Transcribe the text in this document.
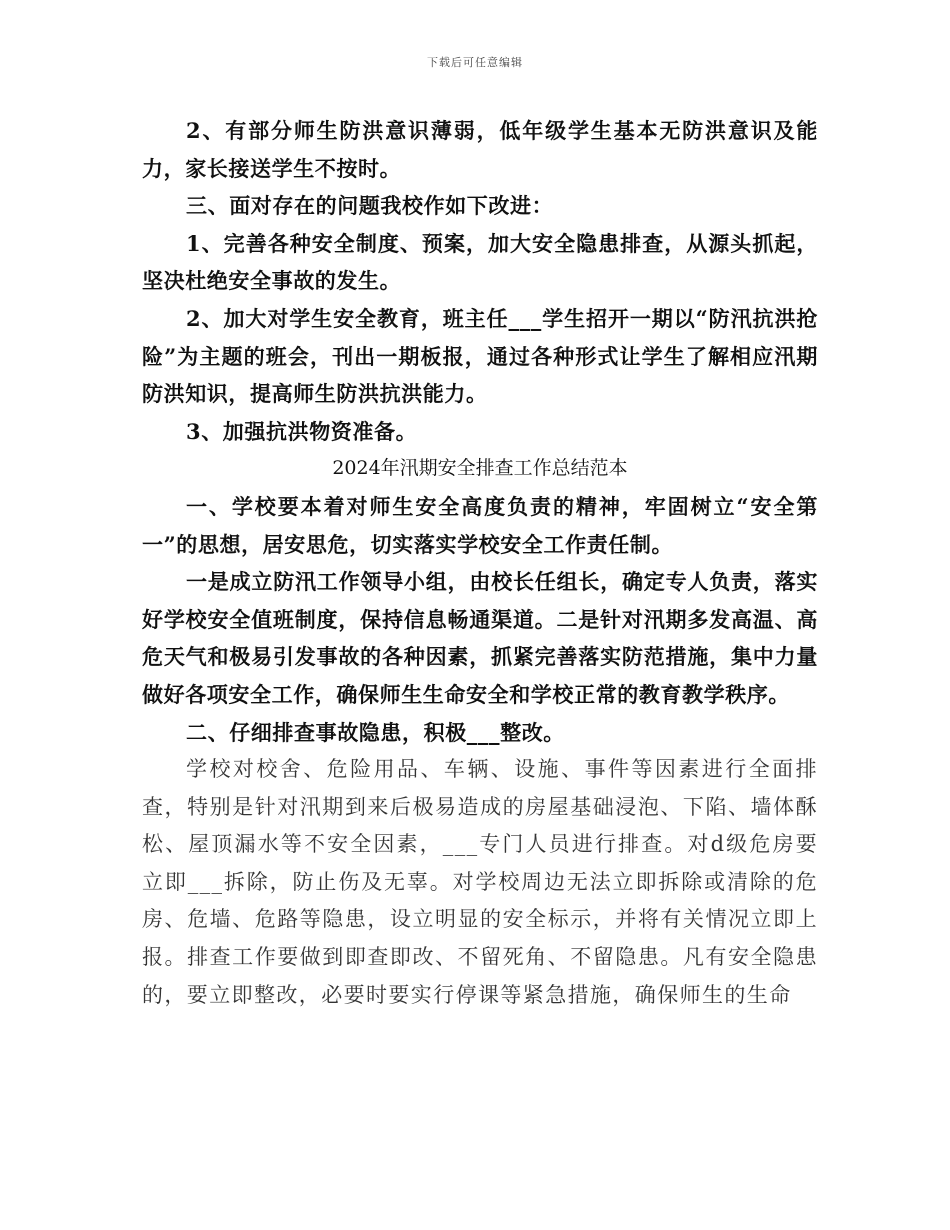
下载后可任意编辑

2、有部分师生防洪意识薄弱，低年级学生基本无防洪意识及能力，家长接送学生不按时。

三、面对存在的问题我校作如下改进：

1、完善各种安全制度、预案，加大安全隐患排查，从源头抓起，坚决杜绝安全事故的发生。

2、加大对学生安全教育，班主任___学生招开一期以“防汛抗洪抢险”为主题的班会，刊出一期板报，通过各种形式让学生了解相应汛期防洪知识，提高师生防洪抗洪能力。

3、加强抗洪物资准备。

2024年汛期安全排查工作总结范本

一、学校要本着对师生安全高度负责的精神，牢固树立“安全第一”的思想，居安思危，切实落实学校安全工作责任制。

一是成立防汛工作领导小组，由校长任组长，确定专人负责，落实好学校安全值班制度，保持信息畅通渠道。二是针对汛期多发高温、高危天气和极易引发事故的各种因素，抓紧完善落实防范措施，集中力量做好各项安全工作，确保师生生命安全和学校正常的教育教学秩序。

二、仔细排查事故隐患，积极___整改。

学校对校舍、危险用品、车辆、设施、事件等因素进行全面排查，特别是针对汛期到来后极易造成的房屋基础浸泡、下陷、墙体酥松、屋顶漏水等不安全因素，___专门人员进行排查。对d级危房要立即___拆除，防止伤及无辜。对学校周边无法立即拆除或清除的危房、危墙、危路等隐患，设立明显的安全标示，并将有关情况立即上报。排查工作要做到即查即改、不留死角、不留隐患。凡有安全隐患的，要立即整改，必要时要实行停课等紧急措施，确保师生的生命
